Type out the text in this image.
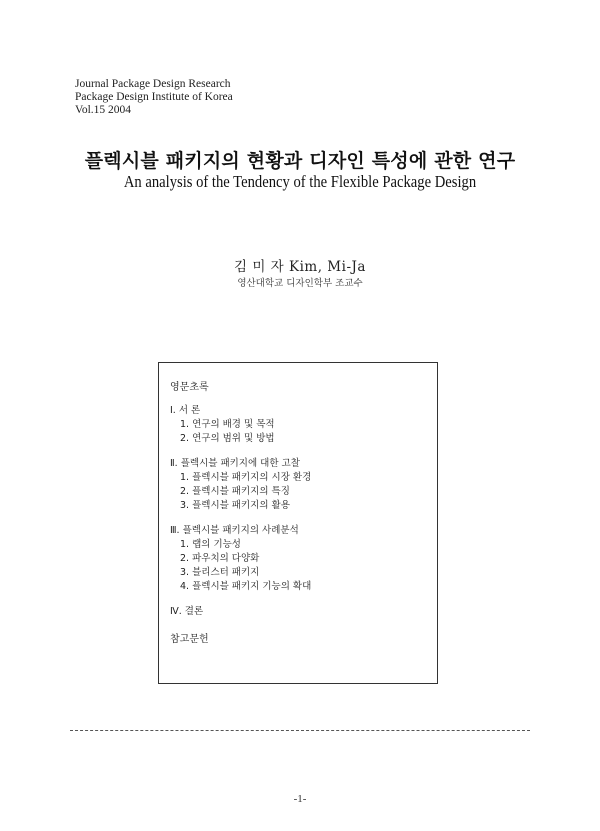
Journal Package Design Research
Package Design Institute of Korea
Vol.15 2004
플렉시블 패키지의 현황과 디자인 특성에 관한 연구
An analysis of the Tendency of the Flexible Package Design
김 미 자 Kim, Mi-Ja
영산대학교 디자인학부 조교수
영문초록
Ⅰ. 서 론
1. 연구의 배경 및 목적
2. 연구의 범위 및 방법
Ⅱ. 플렉시블 패키지에 대한 고찰
1. 플렉시블 패키지의 시장 환경
2. 플렉시블 패키지의 특징
3. 플렉시블 패키지의 활용
Ⅲ. 플렉시블 패키지의 사례분석
1. 랩의 기능성
2. 파우치의 다양화
3. 블리스터 패키지
4. 플렉시블 패키지 기능의 확대
Ⅳ. 결론
참고문헌
-1-
